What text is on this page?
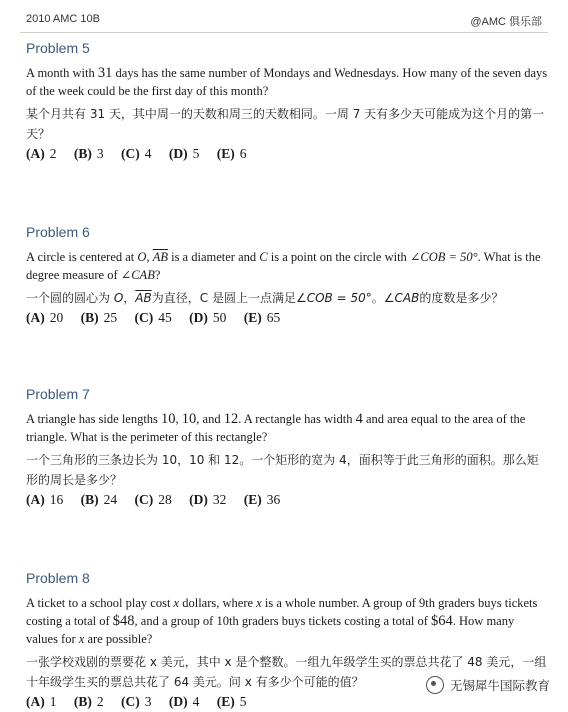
2010 AMC 10B	@AMC 俱乐部
Problem 5
A month with 31 days has the same number of Mondays and Wednesdays. How many of the seven days of the week could be the first day of this month?
某个月共有 31 天，其中周一的天数和周三的天数相同。一周 7 天有多少天可能成为这个月的第一天？
(A) 2 (B) 3 (C) 4 (D) 5 (E) 6
Problem 6
A circle is centered at O, $\overline{AB}$ is a diameter and C is a point on the circle with ∠COB = 50°. What is the degree measure of ∠CAB?
一个圆的圆心为 O，$\overline{AB}$为直径，C 是圆上一点满足∠COB = 50°。∠CAB的度数是多少？
(A) 20 (B) 25 (C) 45 (D) 50 (E) 65
Problem 7
A triangle has side lengths 10, 10, and 12. A rectangle has width 4 and area equal to the area of the triangle. What is the perimeter of this rectangle?
一个三角形的三条边长为 10，10 和 12。一个矩形的宽为 4，面积等于此三角形的面积。那么矩形的周长是多少？
(A) 16 (B) 24 (C) 28 (D) 32 (E) 36
Problem 8
A ticket to a school play cost x dollars, where x is a whole number. A group of 9th graders buys tickets costing a total of $48, and a group of 10th graders buys tickets costing a total of $64. How many values for x are possible?
一张学校戏剧的票要花 x 美元，其中 x 是个整数。一组九年级学生买的票总共花了 48 美元，一组十年级学生买的票总共花了 64 美元。问 x 有多少个可能的值？
(A) 1 (B) 2 (C) 3 (D) 4 (E) 5
无锡犀牛国际教育
